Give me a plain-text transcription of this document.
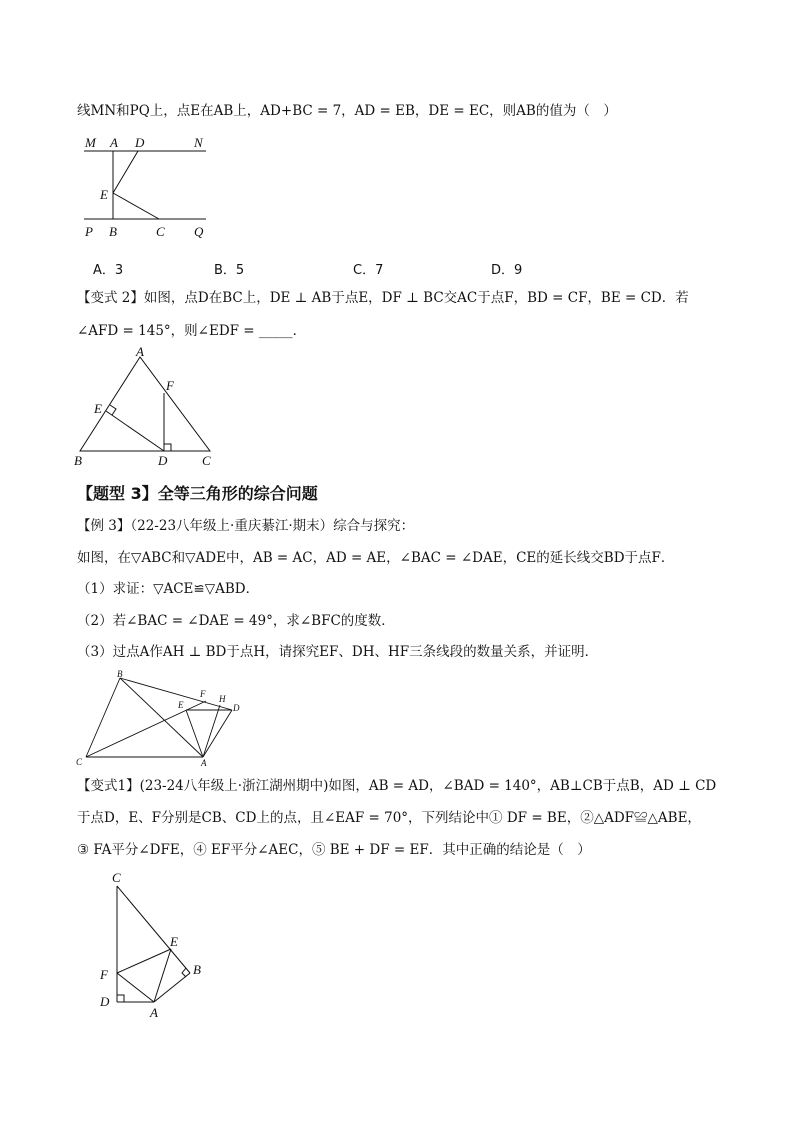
线MN和PQ上，点E在AB上，AD+BC = 7，AD = EB，DE = EC，则AB的值为（　）
M A D	N
E
P B	C Q
A．3	B．5	C．7	D．9
【变式 2】如图，点D在BC上，DE ⊥ AB于点E，DF ⊥ BC交AC于点F，BD = CF，BE = CD．若
∠AFD = 145°，则∠EDF = _____．
A
F
E
B	D	C
【题型 3】全等三角形的综合问题
【例 3】（22-23八年级上·重庆綦江·期末）综合与探究：
如图，在▽ABC和▽ADE中，AB = AC，AD = AE，∠BAC = ∠DAE，CE的延长线交BD于点F．
（1）求证：▽ACE≌▽ABD．
（2）若∠BAC = ∠DAE = 49°，求∠BFC的度数．
（3）过点A作AH ⊥ BD于点H，请探究EF、DH、HF三条线段的数量关系，并证明．
B
F H
E	D
C	A
【变式1】(23-24八年级上·浙江湖州期中)如图，AB = AD，∠BAD = 140°，AB⊥CB于点B，AD ⊥ CD
于点D，E、F分别是CB、CD上的点，且∠EAF = 70°，下列结论中① DF = BE，②△ADF≌△ABE，
③ FA平分∠DFE，④ EF平分∠AEC，⑤ BE + DF = EF．其中正确的结论是（　）
C
E
B
F
D
A
